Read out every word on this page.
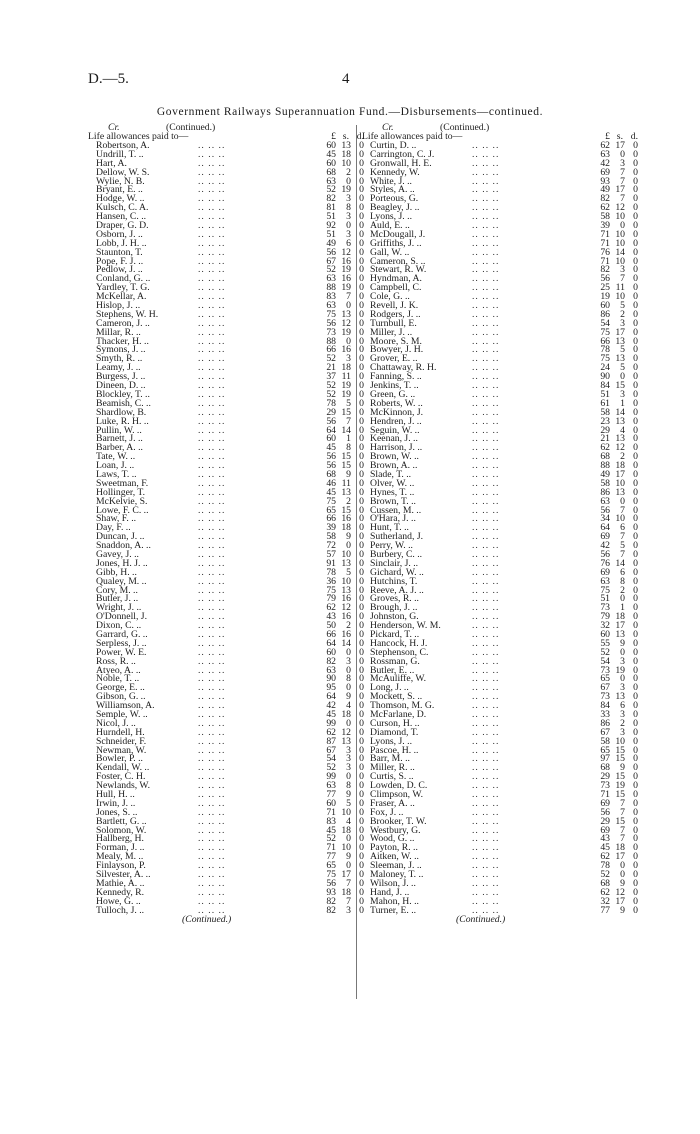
D.—5.	4
Government Railways Superannuation Fund.—Disbursements—continued.
Cr.	(Continued.)
Life allowances paid to—	£ s. d.
Robertson, A.	.. .. ..	60 13 0
Undrill, T. ..	.. .. ..	45 18 0
Hart, A.	.. .. ..	60 10 0
Dellow, W. S.	.. .. ..	68	2 0
Wylie, N. B.	.. .. ..	63	0 0
Bryant, E. ..	.. .. ..	52 19 0
Hodge, W. ..	.. .. ..	82	3 0
Kulsch, C. A.	.. .. ..	81	8 0
Hansen, C. ..	.. .. ..	51	3 0
Draper, G. D.	.. .. ..	92	0 0
Osborn, J. ..	.. .. ..	51	3 0
Lobb, J. H. ..	.. .. ..	49	6 0
Staunton, T.	.. .. ..	56 12 0
Pope, F. J. ..	.. .. ..	67 16 0
Pedlow, J. ..	.. .. ..	52 19 0
Conland, G. ..	.. .. ..	63 16 0
Yardley, T. G.	.. .. ..	88 19 0
McKellar, A.	.. .. ..	83	7 0
Hislop, J. ..	.. .. ..	63	0 0
Stephens, W. H.	.. .. ..	75 13 0
Cameron, J. ..	.. .. ..	56 12 0
Millar, R. ..	.. .. ..	73 19 0
Thacker, H. ..	.. .. ..	88	0 0
Symons, J. ..	.. .. ..	66 16 0
Smyth, R. ..	.. .. ..	52	3 0
Leamy, J. ..	.. .. ..	21 18 0
Burgess, J. ..	.. .. ..	37 11 0
Dineen, D. ..	.. .. ..	52 19 0
Blockley, T. ..	.. .. ..	52 19 0
Beamish, C. ..	.. .. ..	78	5 0
Shardlow, B.	.. .. ..	29 15 0
Luke, R. H. ..	.. .. ..	56	7 0
Pullin, W. ..	.. .. ..	64 14 0
Barnett, J. ..	.. .. ..	60	1 0
Barber, A. ..	.. .. ..	45	8 0
Tate, W. ..	.. .. ..	56 15 0
Loan, J. ..	.. .. ..	56 15 0
Laws, T. ..	.. .. ..	68	9 0
Sweetman, F.	.. .. ..	46 11 0
Hollinger, T.	.. .. ..	45 13 0
McKelvie, S.	.. .. ..	75	2 0
Lowe, F. C. ..	.. .. ..	65 15 0
Shaw, F. ..	.. .. ..	66 16 0
Day, F. ..	.. .. ..	39 18 0
Duncan, J. ..	.. .. ..	58	9 0
Snaddon, A. ..	.. .. ..	72	0 0
Gavey, J. ..	.. .. ..	57 10 0
Jones, H. J. ..	.. .. ..	91 13 0
Gibb, H. ..	.. .. ..	78	5 0
Qualey, M. ..	.. .. ..	36 10 0
Cory, M. ..	.. .. ..	75 13 0
Butler, J. ..	.. .. ..	79 16 0
Wright, J. ..	.. .. ..	62 12 0
O'Donnell, J.	.. .. ..	43 16 0
Dixon, C. ..	.. .. ..	50	2 0
Garrard, G. ..	.. .. ..	66 16 0
Serpless, J. ..	.. .. ..	64 14 0
Power, W. E.	.. .. ..	60	0 0
Ross, R. ..	.. .. ..	82	3 0
Atyeo, A. ..	.. .. ..	63	0 0
Noble, T. ..	.. .. ..	90	8 0
George, E. ..	.. .. ..	95	0 0
Gibson, G. ..	.. .. ..	64	9 0
Williamson, A.	.. .. ..	42	4 0
Semple, W. ..	.. .. ..	45 18 0
Nicol, J. ..	.. .. ..	99	0 0
Hurndell, H.	.. .. ..	62 12 0
Schneider, F.	.. .. ..	87 13 0
Newman, W.	.. .. ..	67	3 0
Bowler, P. ..	.. .. ..	54	3 0
Kendall, W. ..	.. .. ..	52	3 0
Foster, C. H.	.. .. ..	99	0 0
Newlands, W.	.. .. ..	63	8 0
Hull, H. ..	.. .. ..	77	9 0
Irwin, J. ..	.. .. ..	60	5 0
Jones, S. ..	.. .. ..	71 10 0
Bartlett, G. ..	.. .. ..	83	4 0
Solomon, W.	.. .. ..	45 18 0
Hallberg, H.	.. .. ..	52	0 0
Forman, J. ..	.. .. ..	71 10 0
Mealy, M. ..	.. .. ..	77	9 0
Finlayson, P.	.. .. ..	65	0 0
Silvester, A. ..	.. .. ..	75 17 0
Mathie, A. ..	.. .. ..	56	7 0
Kennedy, R.	.. .. ..	93 18 0
Howe, G. ..	.. .. ..	82	7 0
Tulloch, J. ..	.. .. ..	82	3 0
(Continued.)
Cr.	(Continued.)
Life allowances paid to—	£ s. d.
Curtin, D. ..	.. .. ..	62 17 0
Carrington, C. J.	.. .. ..	63	0 0
Gronwall, H. E.	.. .. ..	42	3 0
Kennedy, W.	.. .. ..	69	7 0
White, J. ..	.. .. ..	93	7 0
Styles, A. ..	.. .. ..	49 17 0
Porteous, G.	.. .. ..	82	7 0
Beagley, J. ..	.. .. ..	62 12 0
Lyons, J. ..	.. .. ..	58 10 0
Auld, E. ..	.. .. ..	39	0 0
McDougall, J.	.. .. ..	71 10 0
Griffiths, J. ..	.. .. ..	71 10 0
Gall, W. ..	.. .. ..	76 14 0
Cameron, S. ..	.. .. ..	71 10 0
Stewart, R. W.	.. .. ..	82	3 0
Hyndman, A.	.. .. ..	56	7 0
Campbell, C.	.. .. ..	25 11 0
Cole, G. ..	.. .. ..	19 10 0
Revell, J. K.	.. .. ..	60	5 0
Rodgers, J. ..	.. .. ..	86	2 0
Turnbull, E.	.. .. ..	54	3 0
Miller, J. ..	.. .. ..	75 17 0
Moore, S. M.	.. .. ..	66 13 0
Bowyer, J. H.	.. .. ..	78	5 0
Grover, E. ..	.. .. ..	75 13 0
Chattaway, R. H.	.. .. ..	24	5 0
Fanning, S. ..	.. .. ..	90	0 0
Jenkins, T. ..	.. .. ..	84 15 0
Green, G. ..	.. .. ..	51	3 0
Roberts, W. ..	.. .. ..	61	1 0
McKinnon, J.	.. .. ..	58 14 0
Hendren, J. ..	.. .. ..	23 13 0
Seguin, W. ..	.. .. ..	29	4 0
Keenan, J. ..	.. .. ..	21 13 0
Harrison, J. ..	.. .. ..	62 12 0
Brown, W. ..	.. .. ..	68	2 0
Brown, A. ..	.. .. ..	88 18 0
Slade, T. ..	.. .. ..	49 17 0
Olver, W. ..	.. .. ..	58 10 0
Hynes, T. ..	.. .. ..	86 13 0
Brown, T. ..	.. .. ..	63	0 0
Cussen, M. ..	.. .. ..	56	7 0
O'Hara, J. ..	.. .. ..	34 10 0
Hunt, T. ..	.. .. ..	64	6 0
Sutherland, J.	.. .. ..	69	7 0
Perry, W. ..	.. .. ..	42	5 0
Burbery, C. ..	.. .. ..	56	7 0
Sinclair, J. ..	.. .. ..	76 14 0
Gichard, W. ..	.. .. ..	69	6 0
Hutchins, T.	.. .. ..	63	8 0
Reeve, A. J. ..	.. .. ..	75	2 0
Groves, R. ..	.. .. ..	51	0 0
Brough, J. ..	.. .. ..	73	1 0
Johnston, G.	.. .. ..	79 18 0
Henderson, W. M.	.. .. ..	32 17 0
Pickard, T. ..	.. .. ..	60 13 0
Hancock, H. J.	.. .. ..	55	9 0
Stephenson, C.	.. .. ..	52	0 0
Rossman, G.	.. .. ..	54	3 0
Butler, E. ..	.. .. ..	73 19 0
McAuliffe, W.	.. .. ..	65	0 0
Long, J. ..	.. .. ..	67	3 0
Mockett, S. ..	.. .. ..	73 13 0
Thomson, M. G.	.. .. ..	84	6 0
McFarlane, D.	.. .. ..	33	3 0
Curson, H. ..	.. .. ..	86	2 0
Diamond, T.	.. .. ..	67	3 0
Lyons, J. ..	.. .. ..	58 10 0
Pascoe, H. ..	.. .. ..	65 15 0
Barr, M. ..	.. .. ..	97 15 0
Miller, R. ..	.. .. ..	68	9 0
Curtis, S. ..	.. .. ..	29 15 0
Lowden, D. C.	.. .. ..	73 19 0
Climpson, W.	.. .. ..	71 15 0
Fraser, A. ..	.. .. ..	69	7 0
Fox, J. ..	.. .. ..	56	7 0
Brooker, T. W.	.. .. ..	29 15 0
Westbury, G.	.. .. ..	69	7 0
Wood, G. ..	.. .. ..	43	7 0
Payton, R. ..	.. .. ..	45 18 0
Aitken, W. ..	.. .. ..	62 17 0
Sleeman, J. ..	.. .. ..	78	0 0
Maloney, T. ..	.. .. ..	52	0 0
Wilson, J. ..	.. .. ..	68	9 0
Hand, J. ..	.. .. ..	62 12 0
Mahon, H. ..	.. .. ..	32 17 0
Turner, E. ..	.. .. ..	77	9 0
(Continued.)
